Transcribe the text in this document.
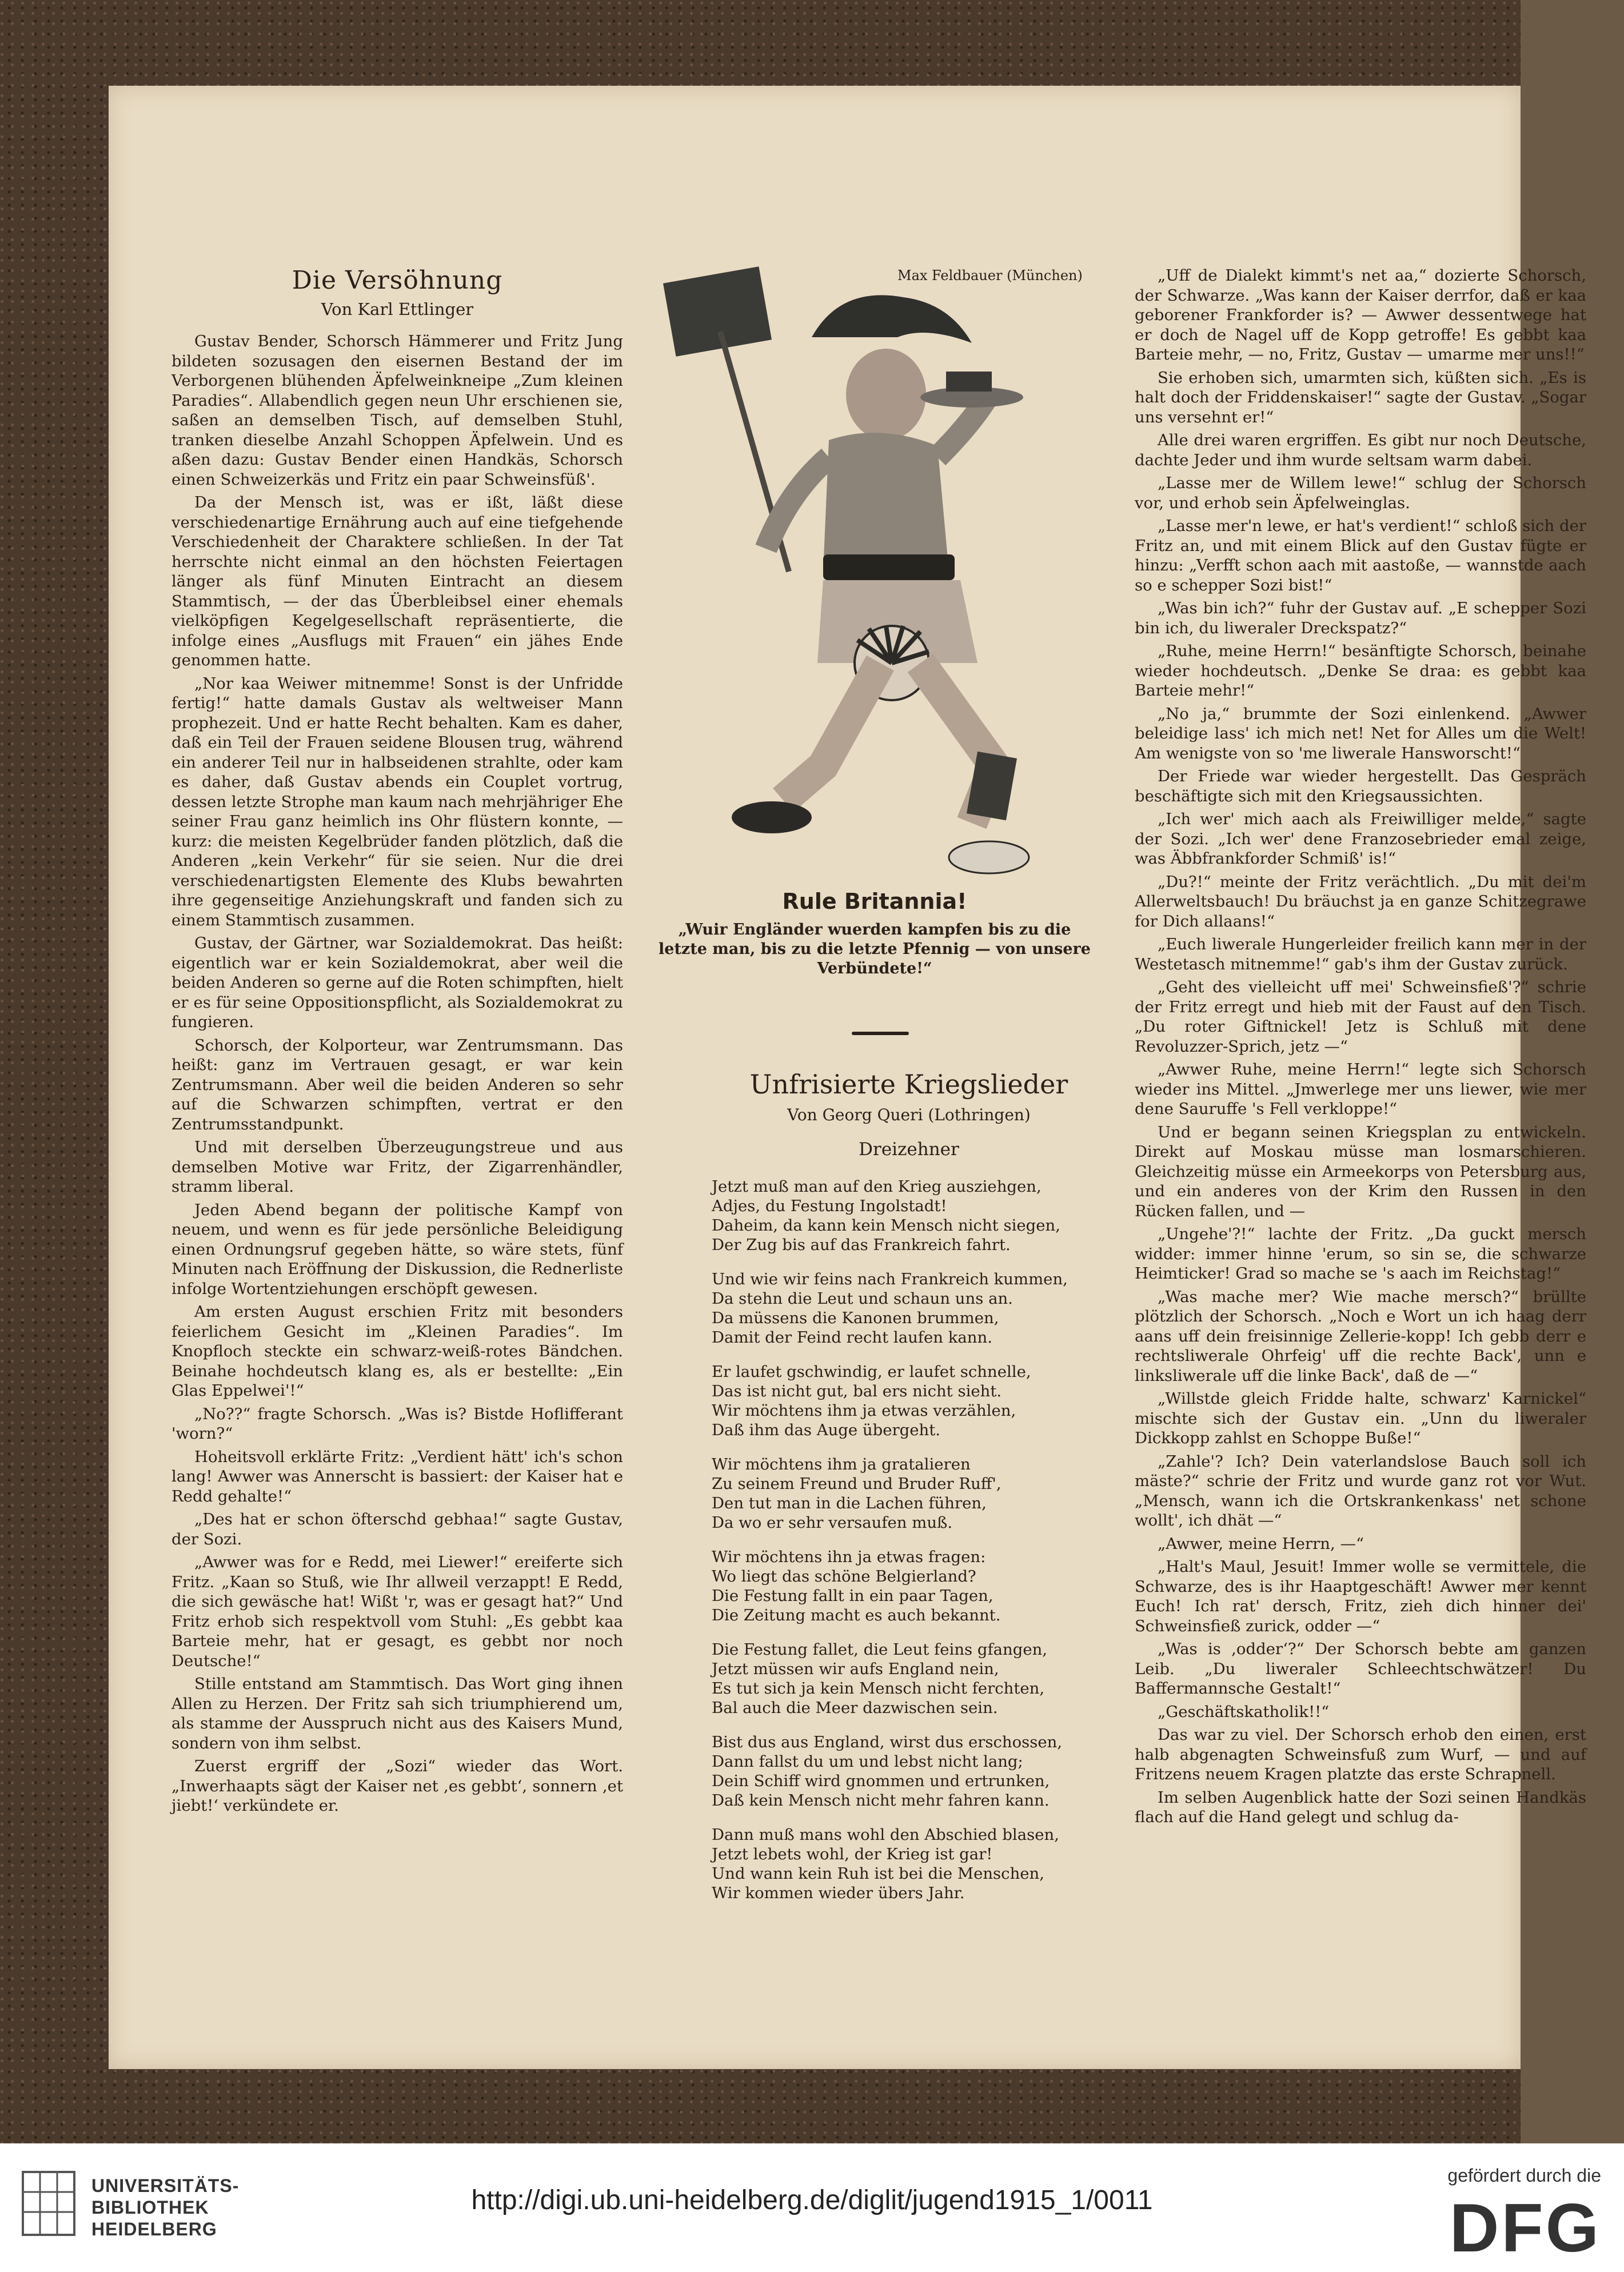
Die Versöhnung
Von Karl Ettlinger

Gustav Bender, Schorsch Hämmerer und Fritz Jung bildeten sozusagen den eisernen Bestand der im Verborgenen blühenden Äpfelweinkneipe „Zum kleinen Paradies“. Allabendlich gegen neun Uhr erschienen sie, saßen an demselben Tisch, auf demselben Stuhl, tranken dieselbe Anzahl Schoppen Äpfelwein. Und es aßen dazu: Gustav Bender einen Handkäs, Schorsch einen Schweizerkäs und Fritz ein paar Schweinsfüß'.

Da der Mensch ist, was er ißt, läßt diese verschiedenartige Ernährung auch auf eine tiefgehende Verschiedenheit der Charaktere schließen. In der Tat herrschte nicht einmal an den höchsten Feiertagen länger als fünf Minuten Eintracht an diesem Stammtisch, — der das Überbleibsel einer ehemals vielköpfigen Kegelgesellschaft repräsentierte, die infolge eines „Ausflugs mit Frauen“ ein jähes Ende genommen hatte.

„Nor kaa Weiwer mitnemme! Sonst is der Unfridde fertig!“ hatte damals Gustav als weltweiser Mann prophezeit. Und er hatte Recht behalten. Kam es daher, daß ein Teil der Frauen seidene Blousen trug, während ein anderer Teil nur in halbseidenen strahlte, oder kam es daher, daß Gustav abends ein Couplet vortrug, dessen letzte Strophe man kaum nach mehrjähriger Ehe seiner Frau ganz heimlich ins Ohr flüstern konnte, — kurz: die meisten Kegelbrüder fanden plötzlich, daß die Anderen „kein Verkehr“ für sie seien. Nur die drei verschiedenartigsten Elemente des Klubs bewahrten ihre gegenseitige Anziehungskraft und fanden sich zu einem Stammtisch zusammen.

Gustav, der Gärtner, war Sozialdemokrat. Das heißt: eigentlich war er kein Sozialdemokrat, aber weil die beiden Anderen so gerne auf die Roten schimpften, hielt er es für seine Oppositionspflicht, als Sozialdemokrat zu fungieren.

Schorsch, der Kolporteur, war Zentrumsmann. Das heißt: ganz im Vertrauen gesagt, er war kein Zentrumsmann. Aber weil die beiden Anderen so sehr auf die Schwarzen schimpften, vertrat er den Zentrumsstandpunkt.

Und mit derselben Überzeugungstreue und aus demselben Motive war Fritz, der Zigarrenhändler, stramm liberal.

Jeden Abend begann der politische Kampf von neuem, und wenn es für jede persönliche Beleidigung einen Ordnungsruf gegeben hätte, so wäre stets, fünf Minuten nach Eröffnung der Diskussion, die Rednerliste infolge Wortentziehungen erschöpft gewesen.

Am ersten August erschien Fritz mit besonders feierlichem Gesicht im „Kleinen Paradies“. Im Knopfloch steckte ein schwarz-weiß-rotes Bändchen. Beinahe hochdeutsch klang es, als er bestellte: „Ein Glas Eppelwei'!“

„No??“ fragte Schorsch. „Was is? Bistde Hoflifferant 'worn?“

Hoheitsvoll erklärte Fritz: „Verdient hätt' ich's schon lang! Awwer was Annerscht is bassiert: der Kaiser hat e Redd gehalte!“

„Des hat er schon öfterschd gebhaa!“ sagte Gustav, der Sozi.

„Awwer was for e Redd, mei Liewer!“ ereiferte sich Fritz. „Kaan so Stuß, wie Ihr allweil verzappt! E Redd, die sich gewäsche hat! Wißt 'r, was er gesagt hat?“ Und Fritz erhob sich respektvoll vom Stuhl: „Es gebbt kaa Barteie mehr, hat er gesagt, es gebbt nor noch Deutsche!“

Stille entstand am Stammtisch. Das Wort ging ihnen Allen zu Herzen. Der Fritz sah sich triumphierend um, als stamme der Ausspruch nicht aus des Kaisers Mund, sondern von ihm selbst.

Zuerst ergriff der „Sozi“ wieder das Wort. „Inwerhaapts sägt der Kaiser net ,es gebbt‘, sonnern ,et jiebt!‘ verkündete er.

Max Feldbauer (München)
Rule Britannia!
„Wuir Engländer wuerden kampfen bis zu die letzte man, bis zu die letzte Pfennig — von unsere Verbündete!“
Unfrisierte Kriegslieder
Von Georg Queri (Lothringen)
Dreizehner
Jetzt muß man auf den Krieg ausziehgen,
Adjes, du Festung Ingolstadt!
Daheim, da kann kein Mensch nicht siegen,
Der Zug bis auf das Frankreich fahrt.
Und wie wir feins nach Frankreich kummen,
Da stehn die Leut und schaun uns an.
Da müssens die Kanonen brummen,
Damit der Feind recht laufen kann.
Er laufet gschwindig, er laufet schnelle,
Das ist nicht gut, bal ers nicht sieht.
Wir möchtens ihm ja etwas verzählen,
Daß ihm das Auge übergeht.
Wir möchtens ihm ja gratalieren
Zu seinem Freund und Bruder Ruff',
Den tut man in die Lachen führen,
Da wo er sehr versaufen muß.
Wir möchtens ihn ja etwas fragen:
Wo liegt das schöne Belgierland?
Die Festung fallt in ein paar Tagen,
Die Zeitung macht es auch bekannt.
Die Festung fallet, die Leut feins gfangen,
Jetzt müssen wir aufs England nein,
Es tut sich ja kein Mensch nicht ferchten,
Bal auch die Meer dazwischen sein.
Bist dus aus England, wirst dus erschossen,
Dann fallst du um und lebst nicht lang;
Dein Schiff wird gnommen und ertrunken,
Daß kein Mensch nicht mehr fahren kann.
Dann muß mans wohl den Abschied blasen,
Jetzt lebets wohl, der Krieg ist gar!
Und wann kein Ruh ist bei die Menschen,
Wir kommen wieder übers Jahr.

„Uff de Dialekt kimmt's net aa,“ dozierte Schorsch, der Schwarze. „Was kann der Kaiser derrfor, daß er kaa geborener Frankforder is? — Awwer dessentwege hat er doch de Nagel uff de Kopp getroffe! Es gebbt kaa Barteie mehr, — no, Fritz, Gustav — umarme mer uns!!“

Sie erhoben sich, umarmten sich, küßten sich. „Es is halt doch der Friddenskaiser!“ sagte der Gustav. „Sogar uns versehnt er!“

Alle drei waren ergriffen. Es gibt nur noch Deutsche, dachte Jeder und ihm wurde seltsam warm dabei.

„Lasse mer de Willem lewe!“ schlug der Schorsch vor, und erhob sein Äpfelweinglas.

„Lasse mer'n lewe, er hat's verdient!“ schloß sich der Fritz an, und mit einem Blick auf den Gustav fügte er hinzu: „Verfft schon aach mit aastoße, — wannstde aach so e schepper Sozi bist!“

„Was bin ich?“ fuhr der Gustav auf. „E schepper Sozi bin ich, du liweraler Dreckspatz?“

„Ruhe, meine Herrn!“ besänftigte Schorsch, beinahe wieder hochdeutsch. „Denke Se draa: es gebbt kaa Barteie mehr!“

„No ja,“ brummte der Sozi einlenkend. „Awwer beleidige lass' ich mich net! Net for Alles um die Welt! Am wenigste von so 'me liwerale Hansworscht!“

Der Friede war wieder hergestellt. Das Gespräch beschäftigte sich mit den Kriegsaussichten.

„Ich wer' mich aach als Freiwilliger melde,“ sagte der Sozi. „Ich wer' dene Franzosebrieder emal zeige, was Äbbfrankforder Schmiß' is!“

„Du?!“ meinte der Fritz verächtlich. „Du mit dei'm Allerweltsbauch! Du bräuchst ja en ganze Schitzegrawe for Dich allaans!“

„Euch liwerale Hungerleider freilich kann mer in der Westetasch mitnemme!“ gab's ihm der Gustav zurück.

„Geht des vielleicht uff mei' Schweinsfieß'?“ schrie der Fritz erregt und hieb mit der Faust auf den Tisch. „Du roter Giftnickel! Jetz is Schluß mit dene Revoluzzer-Sprich, jetz —“

„Awwer Ruhe, meine Herrn!“ legte sich Schorsch wieder ins Mittel. „Jmwerlege mer uns liewer, wie mer dene Sauruffe 's Fell verkloppe!“

Und er begann seinen Kriegsplan zu entwickeln. Direkt auf Moskau müsse man losmarschieren. Gleichzeitig müsse ein Armeekorps von Petersburg aus, und ein anderes von der Krim den Russen in den Rücken fallen, und —

„Ungehe'?!“ lachte der Fritz. „Da guckt mersch widder: immer hinne 'erum, so sin se, die schwarze Heimticker! Grad so mache se 's aach im Reichstag!“

„Was mache mer? Wie mache mersch?“ brüllte plötzlich der Schorsch. „Noch e Wort un ich haag derr aans uff dein freisinnige Zellerie-kopp! Ich gebb derr e rechtsliwerale Ohrfeig' uff die rechte Back', unn e linksliwerale uff die linke Back', daß de —“

„Willstde gleich Fridde halte, schwarz' Karnickel“ mischte sich der Gustav ein. „Unn du liweraler Dickkopp zahlst en Schoppe Buße!“

„Zahle'? Ich? Dein vaterlandslose Bauch soll ich mäste?“ schrie der Fritz und wurde ganz rot vor Wut. „Mensch, wann ich die Ortskrankenkass' net schone wollt', ich dhät —“

„Awwer, meine Herrn, —“

„Halt's Maul, Jesuit! Immer wolle se vermittele, die Schwarze, des is ihr Haaptgeschäft! Awwer mer kennt Euch! Ich rat' dersch, Fritz, zieh dich hinner dei' Schweinsfieß zurick, odder —“

„Was is ,odder‘?“ Der Schorsch bebte am ganzen Leib. „Du liweraler Schleechtschwätzer! Du Baffermannsche Gestalt!“

„Geschäftskatholik!!“

Das war zu viel. Der Schorsch erhob den einen, erst halb abgenagten Schweinsfuß zum Wurf, — und auf Fritzens neuem Kragen platzte das erste Schrapnell.

Im selben Augenblick hatte der Sozi seinen Handkäs flach auf die Hand gelegt und schlug da-

UNIVERSITÄTS-
BIBLIOTHEK
HEIDELBERG
http://digi.ub.uni-heidelberg.de/diglit/jugend1915_1/0011
gefördert durch die
DFG
